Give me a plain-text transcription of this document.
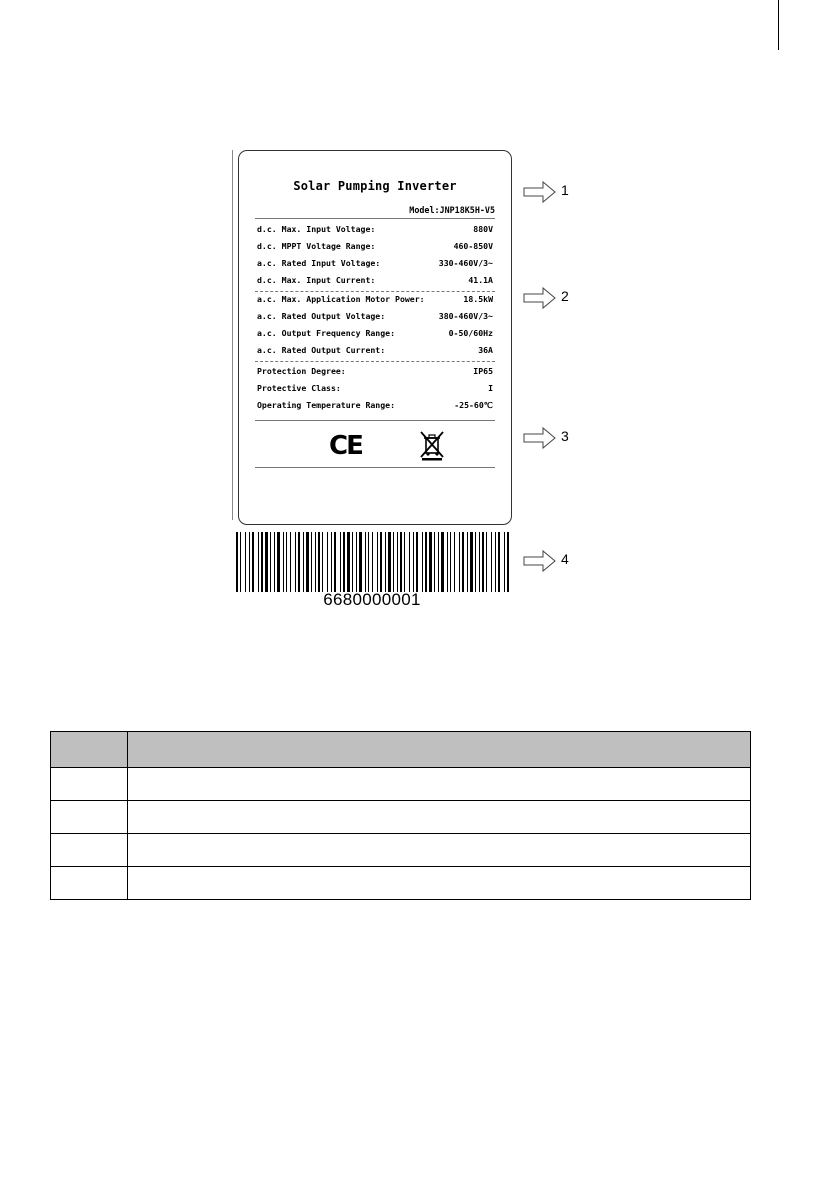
Solar Pumping Inverter
Model:JNP18K5H-V5
d.c. Max. Input Voltage:	880V
d.c. MPPT Voltage Range:	460-850V
a.c. Rated Input Voltage:	330-460V/3~
d.c. Max. Input Current:	41.1A
a.c. Max. Application Motor Power:	18.5kW
a.c. Rated Output Voltage:	380-460V/3~
a.c. Output Frequency Range:	0-50/60Hz
a.c. Rated Output Current:	36A
Protection Degree:	IP65
Protective Class:	I
Operating Temperature Range:	-25-60℃
CE
6680000001
1
2
3
4
